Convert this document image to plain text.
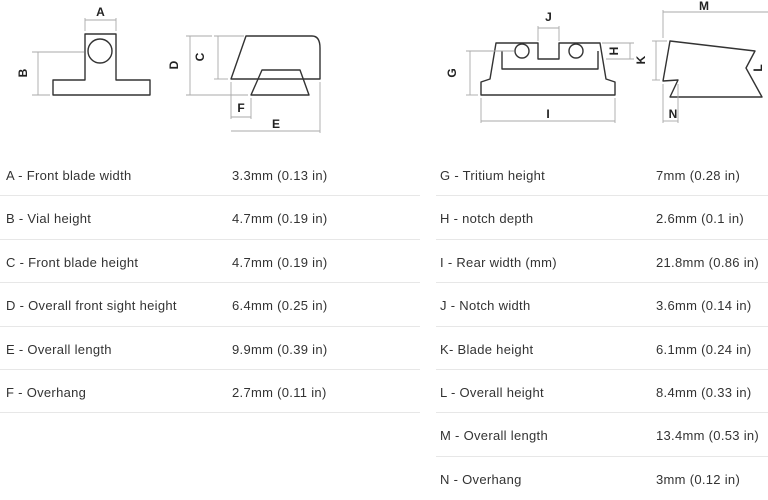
A
B
C
D
F
E
J
H
G
I
M
K
L
N
A - Front blade width	3.3mm (0.13 in)
B - Vial height	4.7mm (0.19 in)
C - Front blade height	4.7mm (0.19 in)
D - Overall front sight height	6.4mm (0.25 in)
E - Overall length	9.9mm (0.39 in)
F - Overhang	2.7mm (0.11 in)
G - Tritium height	7mm (0.28 in)
H - notch depth	2.6mm (0.1 in)
I - Rear width (mm)	21.8mm (0.86 in)
J - Notch width	3.6mm (0.14 in)
K- Blade height	6.1mm (0.24 in)
L - Overall height	8.4mm (0.33 in)
M - Overall length	13.4mm (0.53 in)
N - Overhang	3mm (0.12 in)
